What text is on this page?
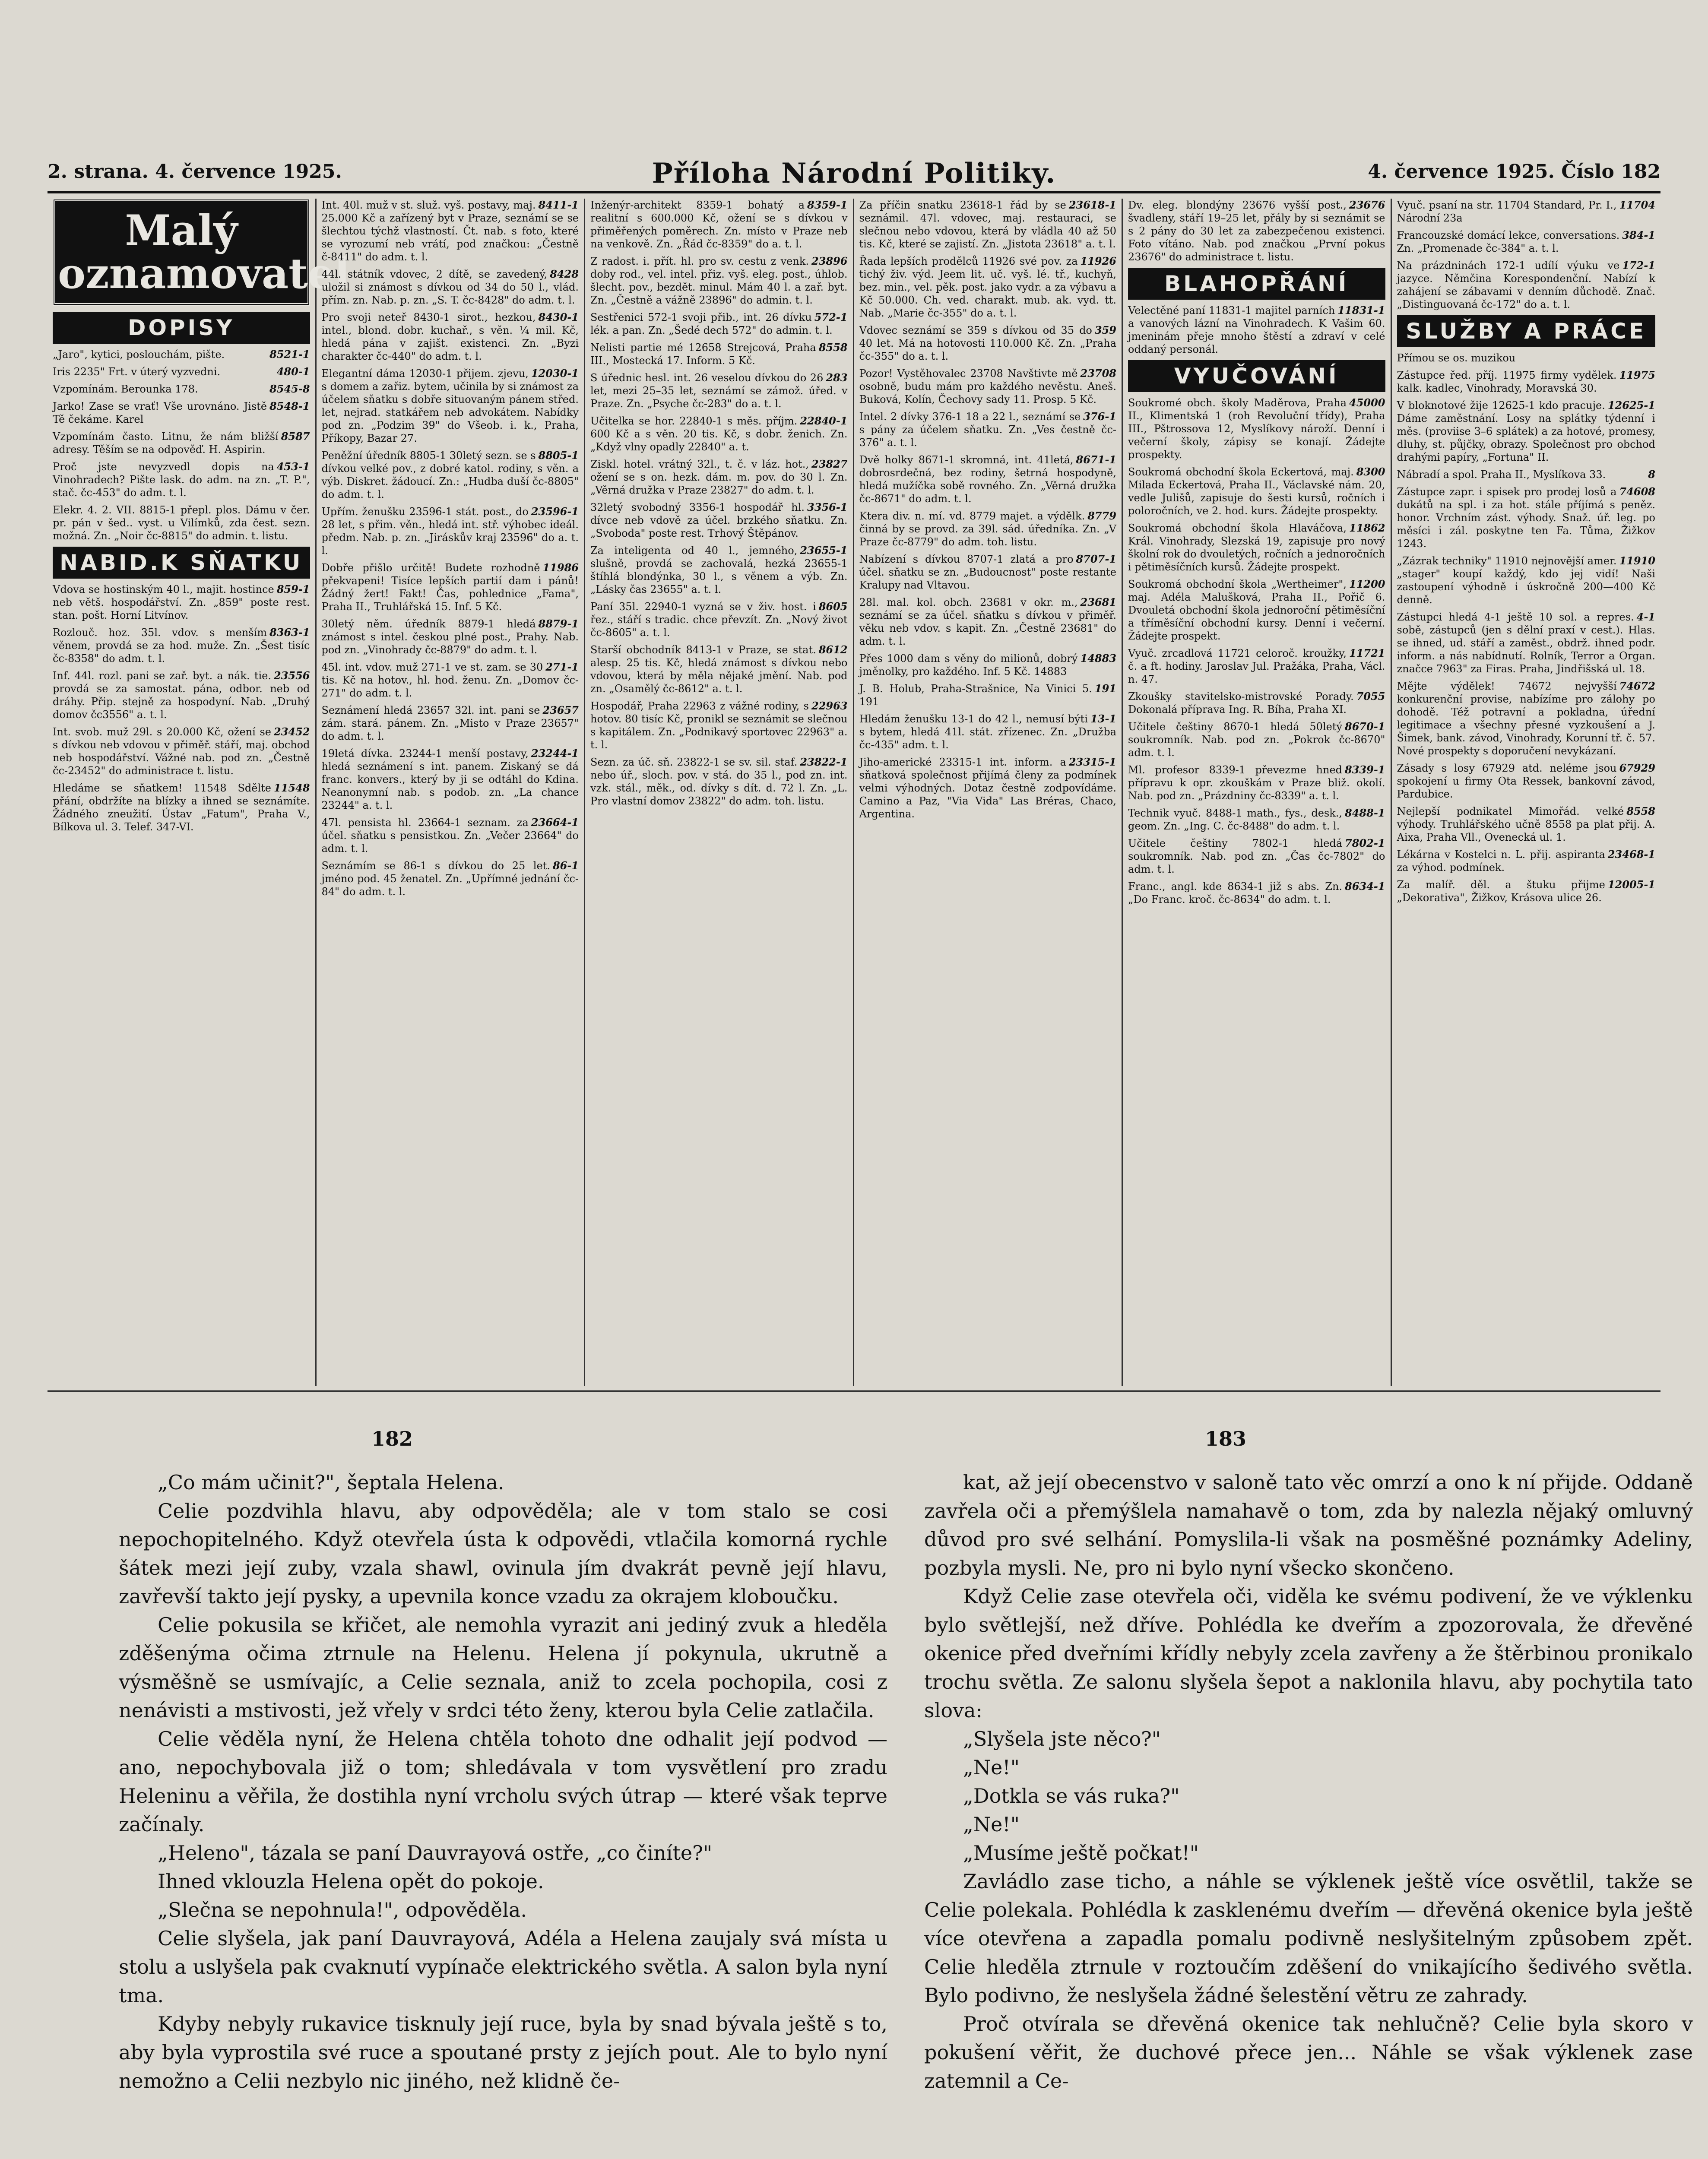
2. strana. 4. července 1925.	Příloha Národní Politiky.	4. července 1925. Číslo 182
Malý oznamovatel
DOPISY
8521-1
„Jaro", kytici, poslouchám, pište.
480-1
Iris 2235" Frt. v úterý vyzvedni.
8545-8
Vzpomínám. Berounka 178.
8548-1
Jarko! Zase se vrať! Vše urovnáno. Jistě Tě čekáme. Karel
8587
Vzpomínám často. Litnu, že nám bližší adresy. Těším se na odpověď. H. Aspirin.
453-1
Proč jste nevyzvedl dopis na Vinohradech? Pište lask. do adm. na zn. „T. P.", stač. čc-453" do adm. t. l.
Elekr. 4. 2. VII. 8815-1 přepl. plos. Dámu v čer. pr. pán v šed.. vyst. u Vilímků, zda čest. sezn. možná. Zn. „Noir čc-8815" do admin. t. listu.
NABID.K SŇATKU
859-1
Vdova se hostinským 40 l., majit. hostince neb větš. hospodářství. Zn. „859" poste rest. stan. pošt. Horní Litvínov.
8363-1
Rozlouč. hoz. 35l. vdov. s menším věnem, provdá se za hod. muže. Zn. „Šest tisíc čc-8358" do adm. t. l.
23556
Inf. 44l. rozl. pani se zař. byt. a nák. tie. provdá se za samostat. pána, odbor. neb od dráhy. Přip. stejně za hospodyní. Nab. „Druhý domov čc3556" a. t. l.
23452
Int. svob. muž 29l. s 20.000 Kč, ožení se s dívkou neb vdovou v přiměř. stáří, maj. obchod neb hospodářství. Vážné nab. pod zn. „Čestně čc-23452" do administrace t. listu.
11548
Hledáme se sňatkem! 11548 Sdělte přání, obdržíte na blízky a ihned se seznámíte. Žádného zneužití. Ústav „Fatum", Praha V., Bílkova ul. 3. Telef. 347-VI.
8411-1
Int. 40l. muž v st. služ. vyš. postavy, maj. 25.000 Kč a zařízený byt v Praze, seznámí se se šlechtou týchž vlastností. Čt. nab. s foto, které se vyrozumí neb vrátí, pod značkou: „Čestně č-8411" do adm. t. l.
8428
44l. státník vdovec, 2 dítě, se zavedený, uložil si známost s dívkou od 34 do 50 l., vlád. přím. zn. Nab. p. zn. „S. T. čc-8428" do adm. t. l.
8430-1
Pro svoji neteř 8430-1 sirot., hezkou, intel., blond. dobr. kuchař., s věn. ¼ mil. Kč, hledá pána v zajišt. existenci. Zn. „Byzi charakter čc-440" do adm. t. l.
12030-1
Elegantní dáma 12030-1 přijem. zjevu, s domem a zařiz. bytem, učinila by si známost za účelem sňatku s dobře situovaným pánem střed. let, nejrad. statkářem neb advokátem. Nabídky pod zn. „Podzim 39" do Všeob. i. k., Praha, Příkopy, Bazar 27.
8805-1
Peněžní úředník 8805-1 30letý sezn. se s dívkou velké pov., z dobré katol. rodiny, s věn. a výb. Diskret. žádoucí. Zn.: „Hudba duší čc-8805" do adm. t. l.
23596-1
Upřím. ženušku 23596-1 stát. post., do 28 let, s přim. věn., hledá int. stř. výhobec ideál. předm. Nab. p. zn. „Jiráskův kraj 23596" do a. t. l.
11986
Dobře přišlo určitě! Budete rozhodně překvapeni! Tisíce lepších partií dam i pánů! Žádný žert! Fakt! Čas, pohlednice „Fama", Praha II., Truhlářská 15. Inf. 5 Kč.
8879-1
30letý něm. úředník 8879-1 hledá známost s intel. českou plné post., Prahy. Nab. pod zn. „Vinohrady čc-8879" do adm. t. l.
271-1
45l. int. vdov. muž 271-1 ve st. zam. se 30 tis. Kč na hotov., hl. hod. ženu. Zn. „Domov čc-271" do adm. t. l.
23657
Seznámení hledá 23657 32l. int. pani se zám. stará. pánem. Zn. „Misto v Praze 23657" do adm. t. l.
23244-1
19letá dívka. 23244-1 menší postavy, hledá seznámení s int. panem. Ziskaný se dá franc. konvers., který by ji se odtáhl do Kdina. Neanonymní nab. s podob. zn. „La chance 23244" a. t. l.
23664-1
47l. pensista hl. 23664-1 seznam. za účel. sňatku s pensistkou. Zn. „Večer 23664" do adm. t. l.
86-1
Seznámím se 86-1 s dívkou do 25 let. jméno pod. 45 ženatel. Zn. „Upřímné jednání čc-84" do adm. t. l.
8359-1
Inženýr-architekt 8359-1 bohatý a realitní s 600.000 Kč, ožení se s dívkou v přiměřených poměrech. Zn. místo v Praze neb na venkově. Zn. „Řád čc-8359" do a. t. l.
23896
Z radost. i. přít. hl. pro sv. cestu z venk. doby rod., vel. intel. přiz. vyš. eleg. post., úhlob. šlecht. pov., bezdět. minul. Mám 40 l. a zař. byt. Zn. „Čestně a vážně 23896" do admin. t. l.
572-1
Sestřenici 572-1 svoji přib., int. 26 dívku lék. a pan. Zn. „Šedé dech 572" do admin. t. l.
8558
Nelisti partie mé 12658 Strejcová, Praha III., Mostecká 17. Inform. 5 Kč.
283
S úřednic hesl. int. 26 veselou dívkou do 26 let, mezi 25–35 let, seznámí se zámož. úřed. v Praze. Zn. „Psyche čc-283" do a. t. l.
22840-1
Učitelka se hor. 22840-1 s měs. příjm. 600 Kč a s věn. 20 tis. Kč, s dobr. ženich. Zn. „Když vlny opadly 22840" a. t.
23827
Ziskl. hotel. vrátný 32l., t. č. v láz. hot., ožení se s on. hezk. dám. m. pov. do 30 l. Zn. „Věrná družka v Praze 23827" do adm. t. l.
3356-1
32letý svobodný 3356-1 hospodář hl. dívce neb vdově za účel. brzkého sňatku. Zn. „Svoboda" poste rest. Trhový Štěpánov.
23655-1
Za inteligenta od 40 l., jemného, slušně, provdá se zachovalá, hezká 23655-1 štíhlá blondýnka, 30 l., s věnem a výb. Zn. „Lásky čas 23655" a. t. l.
8605
Paní 35l. 22940-1 vyzná se v živ. host. i řez., stáří s tradic. chce převzít. Zn. „Nový život čc-8605" a. t. l.
8612
Starší obchodník 8413-1 v Praze, se stat. alesp. 25 tis. Kč, hledá známost s dívkou nebo vdovou, která by měla nějaké jmění. Nab. pod zn. „Osamělý čc-8612" a. t. l.
22963
Hospodář, Praha 22963 z vážné rodiny, s hotov. 80 tisíc Kč, pronikl se seznámit se slečnou s kapitálem. Zn. „Podnikavý sportovec 22963" a. t. l.
23822-1
Sezn. za úč. sň. 23822-1 se sv. sil. staf. nebo úř., sloch. pov. v stá. do 35 l., pod zn. int. vzk. stál., měk., od. dívky s dít. d. 72 l. Zn. „L. Pro vlastní domov 23822" do adm. toh. listu.
23618-1
Za příčin snatku 23618-1 řád by se seznámil. 47l. vdovec, maj. restauraci, se slečnou nebo vdovou, která by vládla 40 až 50 tis. Kč, které se zajistí. Zn. „Jistota 23618" a. t. l.
11926
Řada lepších prodělců 11926 své pov. za tichý živ. výd. Jeem lit. uč. vyš. lé. tř., kuchyň, bez. min., vel. pěk. post. jako vydr. a za výbavu a Kč 50.000. Ch. ved. charakt. mub. ak. vyd. tt. Nab. „Marie čc-355" do a. t. l.
359
Vdovec seznámí se 359 s dívkou od 35 do 40 let. Má na hotovosti 110.000 Kč. Zn. „Praha čc-355" do a. t. l.
23708
Pozor! Vystěhovalec 23708 Navštivte mě osobně, budu mám pro každého nevěstu. Aneš. Buková, Kolín, Čechovy sady 11. Prosp. 5 Kč.
376-1
Intel. 2 dívky 376-1 18 a 22 l., seznámí se s pány za účelem sňatku. Zn. „Ves čestně čc-376" a. t. l.
8671-1
Dvě holky 8671-1 skromná, int. 41letá, dobrosrdečná, bez rodiny, šetrná hospodyně, hledá mužíčka sobě rovného. Zn. „Věrná družka čc-8671" do adm. t. l.
8779
Ktera div. n. mí. vd. 8779 majet. a výdělk. činná by se provd. za 39l. sád. úředníka. Zn. „V Praze čc-8779" do adm. toh. listu.
8707-1
Nabízení s dívkou 8707-1 zlatá a pro účel. sňatku se zn. „Budoucnost" poste restante Kralupy nad Vltavou.
23681
28l. mal. kol. obch. 23681 v okr. m., seznámí se za účel. sňatku s dívkou v přiměř. věku neb vdov. s kapit. Zn. „Čestně 23681" do adm. t. l.
14883
Přes 1000 dam s věny do milionů, dobrý jměnolky, pro každého. Inf. 5 Kč. 14883
191
J. B. Holub, Praha-Strašnice, Na Vinici 5. 191
13-1
Hledám ženušku 13-1 do 42 l., nemusí býti s bytem, hledá 41l. stát. zřízenec. Zn. „Družba čc-435" adm. t. l.
23315-1
Jiho-americké 23315-1 int. inform. a sňatková společnost přijímá členy za podmínek velmi výhodných. Dotaz čestně zodpovídáme. Camino a Paz, "Via Vida" Las Bréras, Chaco, Argentina.
23676
Dv. eleg. blondýny 23676 vyšší post., švadleny, stáří 19–25 let, přály by si seznámit se s 2 pány do 30 let za zabezpečenou existenci. Foto vítáno. Nab. pod značkou „První pokus 23676" do administrace t. listu.
BLAHOPŘÁNÍ
11831-1
Velectěné paní 11831-1 majitel parních a vanových lázní na Vinohradech. K Vašim 60. jmeninám přeje mnoho štěstí a zdraví v celé oddaný personál.
VYUČOVÁNÍ
45000
Soukromé obch. školy Maděrova, Praha II., Klimentská 1 (roh Revoluční třídy), Praha III., Pštrossova 12, Myslíkovy nároží. Denní i večerní školy, zápisy se konají. Žádejte prospekty.
8300
Soukromá obchodní škola Eckertová, maj. Milada Eckertová, Praha II., Václavské nám. 20, vedle Julišů, zapisuje do šesti kursů, ročních i poloročních, ve 2. hod. kurs. Žádejte prospekty.
11862
Soukromá obchodní škola Hlaváčova, Král. Vinohrady, Slezská 19, zapisuje pro nový školní rok do dvouletých, ročních a jednoročních i pětiměsíčních kursů. Žádejte prospekt.
11200
Soukromá obchodní škola „Wertheimer", maj. Adéla Malušková, Praha II., Pořič 6. Dvouletá obchodní škola jednoroční pětiměsíční a tříměsíční obchodní kursy. Denní i večerní. Žádejte prospekt.
11721
Vyuč. zrcadlová 11721 celoroč. kroužky, č. a ft. hodiny. Jaroslav Jul. Pražáka, Praha, Václ. n. 47.
7055
Zkoušky stavitelsko-mistrovské Porady. Dokonalá příprava Ing. R. Bíha, Praha XI.
8670-1
Učitele češtiny 8670-1 hledá 50letý soukromník. Nab. pod zn. „Pokrok čc-8670" adm. t. l.
8339-1
Ml. profesor 8339-1 převezme hned přípravu k opr. zkouškám v Praze bliž. okolí. Nab. pod zn. „Prázdniny čc-8339" a. t. l.
8488-1
Technik vyuč. 8488-1 math., fys., desk., geom. Zn. „Ing. C. čc-8488" do adm. t. l.
7802-1
Učitele češtiny 7802-1 hledá soukromník. Nab. pod zn. „Čas čc-7802" do adm. t. l.
8634-1
Franc., angl. kde 8634-1 již s abs. Zn. „Do Franc. kroč. čc-8634" do adm. t. l.
11704
Vyuč. psaní na str. 11704 Standard, Pr. I., Národní 23a
384-1
Francouzské domácí lekce, conversations. Zn. „Promenade čc-384" a. t. l.
172-1
Na prázdninách 172-1 udílí výuku ve jazyce. Němčina Korespondenční. Nabízí k zahájení se zábavami v denním důchodě. Znač. „Distinguovaná čc-172" do a. t. l.
SLUŽBY A PRÁCE
Přímou se os. muzikou
11975
Zástupce řed. příj. 11975 firmy vydělek. kalk. kadlec, Vinohrady, Moravská 30.
12625-1
V bloknotové žije 12625-1 kdo pracuje. Dáme zaměstnání. Losy na splátky týdenní i měs. (proviise 3–6 splátek) a za hotové, promesy, dluhy, st. půjčky, obrazy. Společnost pro obchod drahými papíry, „Fortuna" II.
8
Nábradí a spol. Praha II., Myslíkova 33.
74608
Zástupce zapr. i spisek pro prodej losů a dukátů na spl. i za hot. stále příjímá s peněz. honor. Vrchním zást. výhody. Snaž. úř. leg. po měsíci i zál. poskytne ten Fa. Tůma, Žižkov 1243.
11910
„Zázrak techniky" 11910 nejnovější amer. „stager" koupí každý, kdo jej vidí! Naši zastoupení výhodně i úskročně 200—400 Kč denně.
4-1
Zástupci hledá 4-1 ještě 10 sol. a repres. sobě, zástupců (jen s dělní praxí v cest.). Hlas. se ihned, ud. stáří a zaměst., obdrž. ihned podr. inform. a nás nabídnutí. Rolník, Terror a Organ. značce 7963" za Firas. Praha, Jindřišská ul. 18.
74672
Mějte výdělek! 74672 nejvyšší konkurenční provise, nabízíme pro zálohy po dohodě. Též potravní a pokladna, úřední legitimace a všechny přesné vyzkoušení a J. Šimek, bank. závod, Vinohrady, Korunní tř. č. 57. Nové prospekty s doporučení nevykázaní.
67929
Zásady s losy 67929 atd. neléme jsou spokojení u firmy Ota Ressek, bankovní závod, Pardubice.
8558
Nejlepší podnikatel Mimořád. velké výhody. Truhlářského učně 8558 pa plat přij. A. Aixa, Praha Vll., Ovenecká ul. 1.
23468-1
Lékárna v Kostelci n. L. přij. aspiranta za výhod. podmínek.
12005-1
Za malíř. děl. a štuku přijme „Dekorativa", Žižkov, Krásova ulice 26.
182	183

„Co mám učinit?", šeptala Helena.

Celie pozdvihla hlavu, aby odpověděla; ale v tom stalo se cosi nepochopitelného. Když otevřela ústa k odpovědi, vtlačila komorná rychle šátek mezi její zuby, vzala shawl, ovinula jím dvakrát pevně její hlavu, zavřevší takto její pysky, a upevnila konce vzadu za okrajem kloboučku.

Celie pokusila se křičet, ale nemohla vyrazit ani jediný zvuk a hleděla zděšenýma očima ztrnule na Helenu. Helena jí pokynula, ukrutně a výsměšně se usmívajíc, a Celie seznala, aniž to zcela pochopila, cosi z nenávisti a mstivosti, jež vřely v srdci této ženy, kterou byla Celie zatlačila.

Celie věděla nyní, že Helena chtěla tohoto dne odhalit její podvod — ano, nepochybovala již o tom; shledávala v tom vysvětlení pro zradu Heleninu a věřila, že dostihla nyní vrcholu svých útrap — které však teprve začínaly.

„Heleno", tázala se paní Dauvrayová ostře, „co činíte?"

Ihned vklouzla Helena opět do pokoje.

„Slečna se nepohnula!", odpověděla.

Celie slyšela, jak paní Dauvrayová, Adéla a Helena zaujaly svá místa u stolu a uslyšela pak cvaknutí vypínače elektrického světla. A salon byla nyní tma.

Kdyby nebyly rukavice tisknuly její ruce, byla by snad bývala ještě s to, aby byla vyprostila své ruce a spoutané prsty z jejích pout. Ale to bylo nyní nemožno a Celii nezbylo nic jiného, než klidně če-

kat, až její obecenstvo v saloně tato věc omrzí a ono k ní přijde. Oddaně zavřela oči a přemýšlela namahavě o tom, zda by nalezla nějaký omluvný důvod pro své selhání. Pomyslila-li však na posměšné poznámky Adeliny, pozbyla mysli. Ne, pro ni bylo nyní všecko skončeno.

Když Celie zase otevřela oči, viděla ke svému podivení, že ve výklenku bylo světlejší, než dříve. Pohlédla ke dveřím a zpozorovala, že dřevěné okenice před dveřními křídly nebyly zcela zavřeny a že štěrbinou pronikalo trochu světla. Ze salonu slyšela šepot a naklonila hlavu, aby pochytila tato slova:

„Slyšela jste něco?"

„Ne!"

„Dotkla se vás ruka?"

„Ne!"

„Musíme ještě počkat!"

Zavládlo zase ticho, a náhle se výklenek ještě více osvětlil, takže se Celie polekala. Pohlédla k zasklenému dveřím — dřevěná okenice byla ještě více otevřena a zapadla pomalu podivně neslyšitelným způsobem zpět. Celie hleděla ztrnule v roztoučím zděšení do vnikajícího šedivého světla. Bylo podivno, že neslyšela žádné šelestění větru ze zahrady.

Proč otvírala se dřevěná okenice tak nehlučně? Celie byla skoro v pokušení věřit, že duchové přece jen... Náhle se však výklenek zase zatemnil a Ce-
